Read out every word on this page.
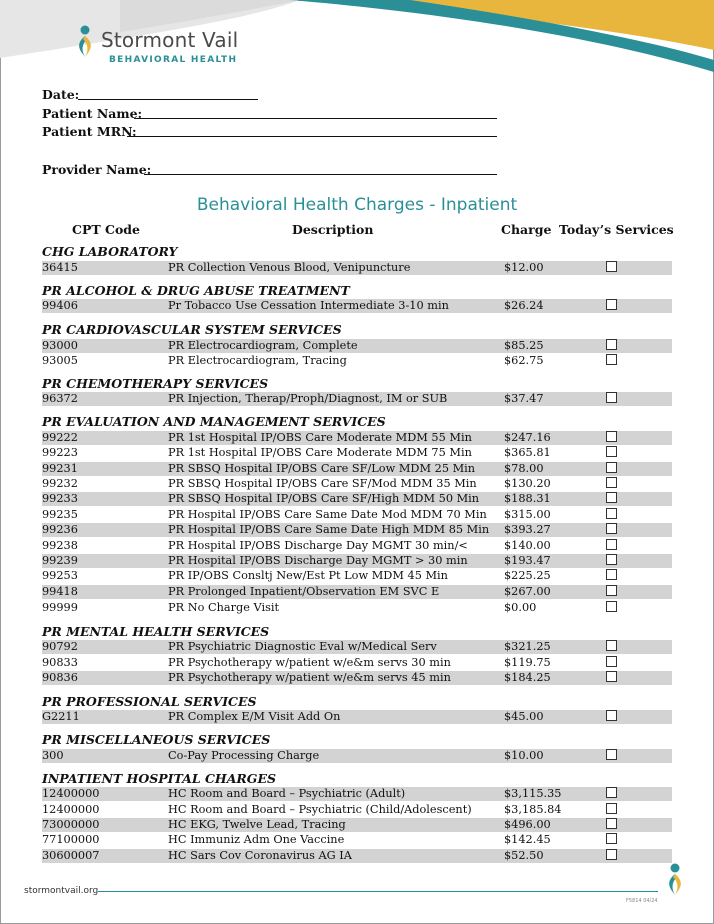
Stormont Vail
BEHAVIORAL HEALTH
Date:
Patient Name:
Patient MRN:
Provider Name:
Behavioral Health Charges - Inpatient
CPT Code	Description	Charge Today’s Services
CHG LABORATORY
36415	PR Collection Venous Blood, Venipuncture	$12.00
PR ALCOHOL & DRUG ABUSE TREATMENT
99406	Pr Tobacco Use Cessation Intermediate 3-10 min	$26.24
PR CARDIOVASCULAR SYSTEM SERVICES
93000	PR Electrocardiogram, Complete	$85.25
93005	PR Electrocardiogram, Tracing	$62.75
PR CHEMOTHERAPY SERVICES
96372	PR Injection, Therap/Proph/Diagnost, IM or SUB	$37.47
PR EVALUATION AND MANAGEMENT SERVICES
99222	PR 1st Hospital IP/OBS Care Moderate MDM 55 Min	$247.16
99223	PR 1st Hospital IP/OBS Care Moderate MDM 75 Min	$365.81
99231	PR SBSQ Hospital IP/OBS Care SF/Low MDM 25 Min	$78.00
99232	PR SBSQ Hospital IP/OBS Care SF/Mod MDM 35 Min $130.20
99233	PR SBSQ Hospital IP/OBS Care SF/High MDM 50 Min $188.31
99235	PR Hospital IP/OBS Care Same Date Mod MDM 70 Min $315.00
99236	PR Hospital IP/OBS Care Same Date High MDM 85 Min $393.27
99238	PR Hospital IP/OBS Discharge Day MGMT 30 min/<	$140.00
99239	PR Hospital IP/OBS Discharge Day MGMT > 30 min	$193.47
99253	PR IP/OBS Consltj New/Est Pt Low MDM 45 Min	$225.25
99418	PR Prolonged Inpatient/Observation EM SVC E	$267.00
99999	PR No Charge Visit	$0.00
PR MENTAL HEALTH SERVICES
90792	PR Psychiatric Diagnostic Eval w/Medical Serv	$321.25
90833	PR Psychotherapy w/patient w/e&m servs 30 min	$119.75
90836	PR Psychotherapy w/patient w/e&m servs 45 min	$184.25
PR PROFESSIONAL SERVICES
G2211	PR Complex E/M Visit Add On	$45.00
PR MISCELLANEOUS SERVICES
300	Co-Pay Processing Charge	$10.00
INPATIENT HOSPITAL CHARGES
12400000	HC Room and Board – Psychiatric (Adult)	$3,115.35
12400000	HC Room and Board – Psychiatric (Child/Adolescent)	$3,185.84
73000000	HC EKG, Twelve Lead, Tracing	$496.00
77100000	HC Immuniz Adm One Vaccine	$142.45
30600007	HC Sars Cov Coronavirus AG IA	$52.50
stormontvail.org
F5814 04/24
